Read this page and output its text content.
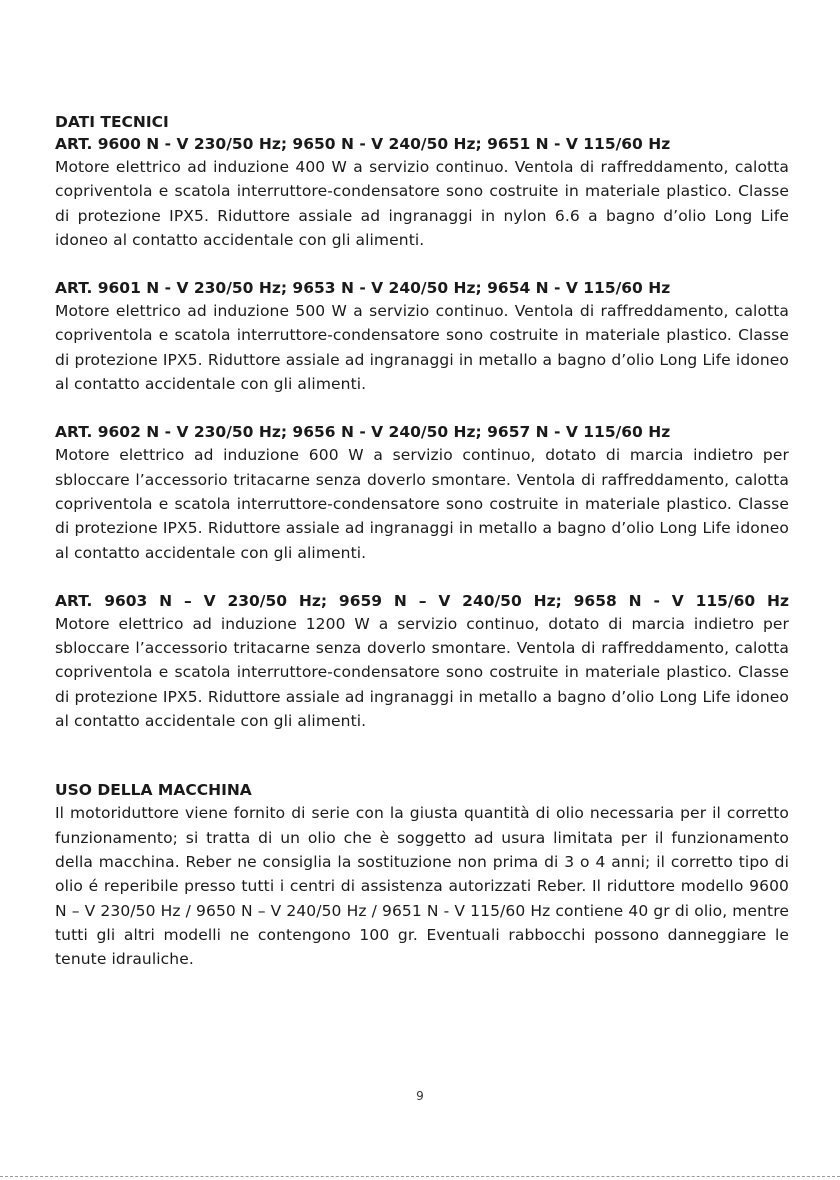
DATI TECNICI

ART. 9600 N - V 230/50 Hz; 9650 N - V 240/50 Hz; 9651 N - V 115/60 Hz

Motore elettrico ad induzione 400 W a servizio continuo. Ventola di raffreddamento, calotta copriventola e scatola interruttore-condensatore sono costruite in materiale plastico. Classe di protezione IPX5. Riduttore assiale ad ingranaggi in nylon 6.6 a bagno d’olio Long Life idoneo al contatto accidentale con gli alimenti.

ART. 9601 N - V 230/50 Hz; 9653 N - V 240/50 Hz; 9654 N - V 115/60 Hz

Motore elettrico ad induzione 500 W a servizio continuo. Ventola di raffreddamento, calotta copriventola e scatola interruttore-condensatore sono costruite in materiale plastico. Classe di protezione IPX5. Riduttore assiale ad ingranaggi in metallo a bagno d’olio Long Life idoneo al contatto accidentale con gli alimenti.

ART. 9602 N - V 230/50 Hz; 9656 N - V 240/50 Hz; 9657 N - V 115/60 Hz

Motore elettrico ad induzione 600 W a servizio continuo, dotato di marcia indietro per sbloccare l’accessorio tritacarne senza doverlo smontare. Ventola di raffreddamento, calotta copriventola e scatola interruttore-condensatore sono costruite in materiale plastico. Classe di protezione IPX5. Riduttore assiale ad ingranaggi in metallo a bagno d’olio Long Life idoneo al contatto accidentale con gli alimenti.

ART. 9603 N – V 230/50 Hz; 9659 N – V 240/50 Hz; 9658 N - V 115/60 Hz

Motore elettrico ad induzione 1200 W a servizio continuo, dotato di marcia indietro per sbloccare l’accessorio tritacarne senza doverlo smontare. Ventola di raffreddamento, calotta copriventola e scatola interruttore-condensatore sono costruite in materiale plastico. Classe di protezione IPX5. Riduttore assiale ad ingranaggi in metallo a bagno d’olio Long Life idoneo al contatto accidentale con gli alimenti.

USO DELLA MACCHINA

Il motoriduttore viene fornito di serie con la giusta quantità di olio necessaria per il corretto funzionamento; si tratta di un olio che è soggetto ad usura limitata per il funzionamento della macchina. Reber ne consiglia la sostituzione non prima di 3 o 4 anni; il corretto tipo di olio é reperibile presso tutti i centri di assistenza autorizzati Reber. Il riduttore modello 9600 N – V 230/50 Hz / 9650 N – V 240/50 Hz / 9651 N - V 115/60 Hz contiene 40 gr di olio, mentre tutti gli altri modelli ne contengono 100 gr. Eventuali rabbocchi possono danneggiare le tenute idrauliche.

9
